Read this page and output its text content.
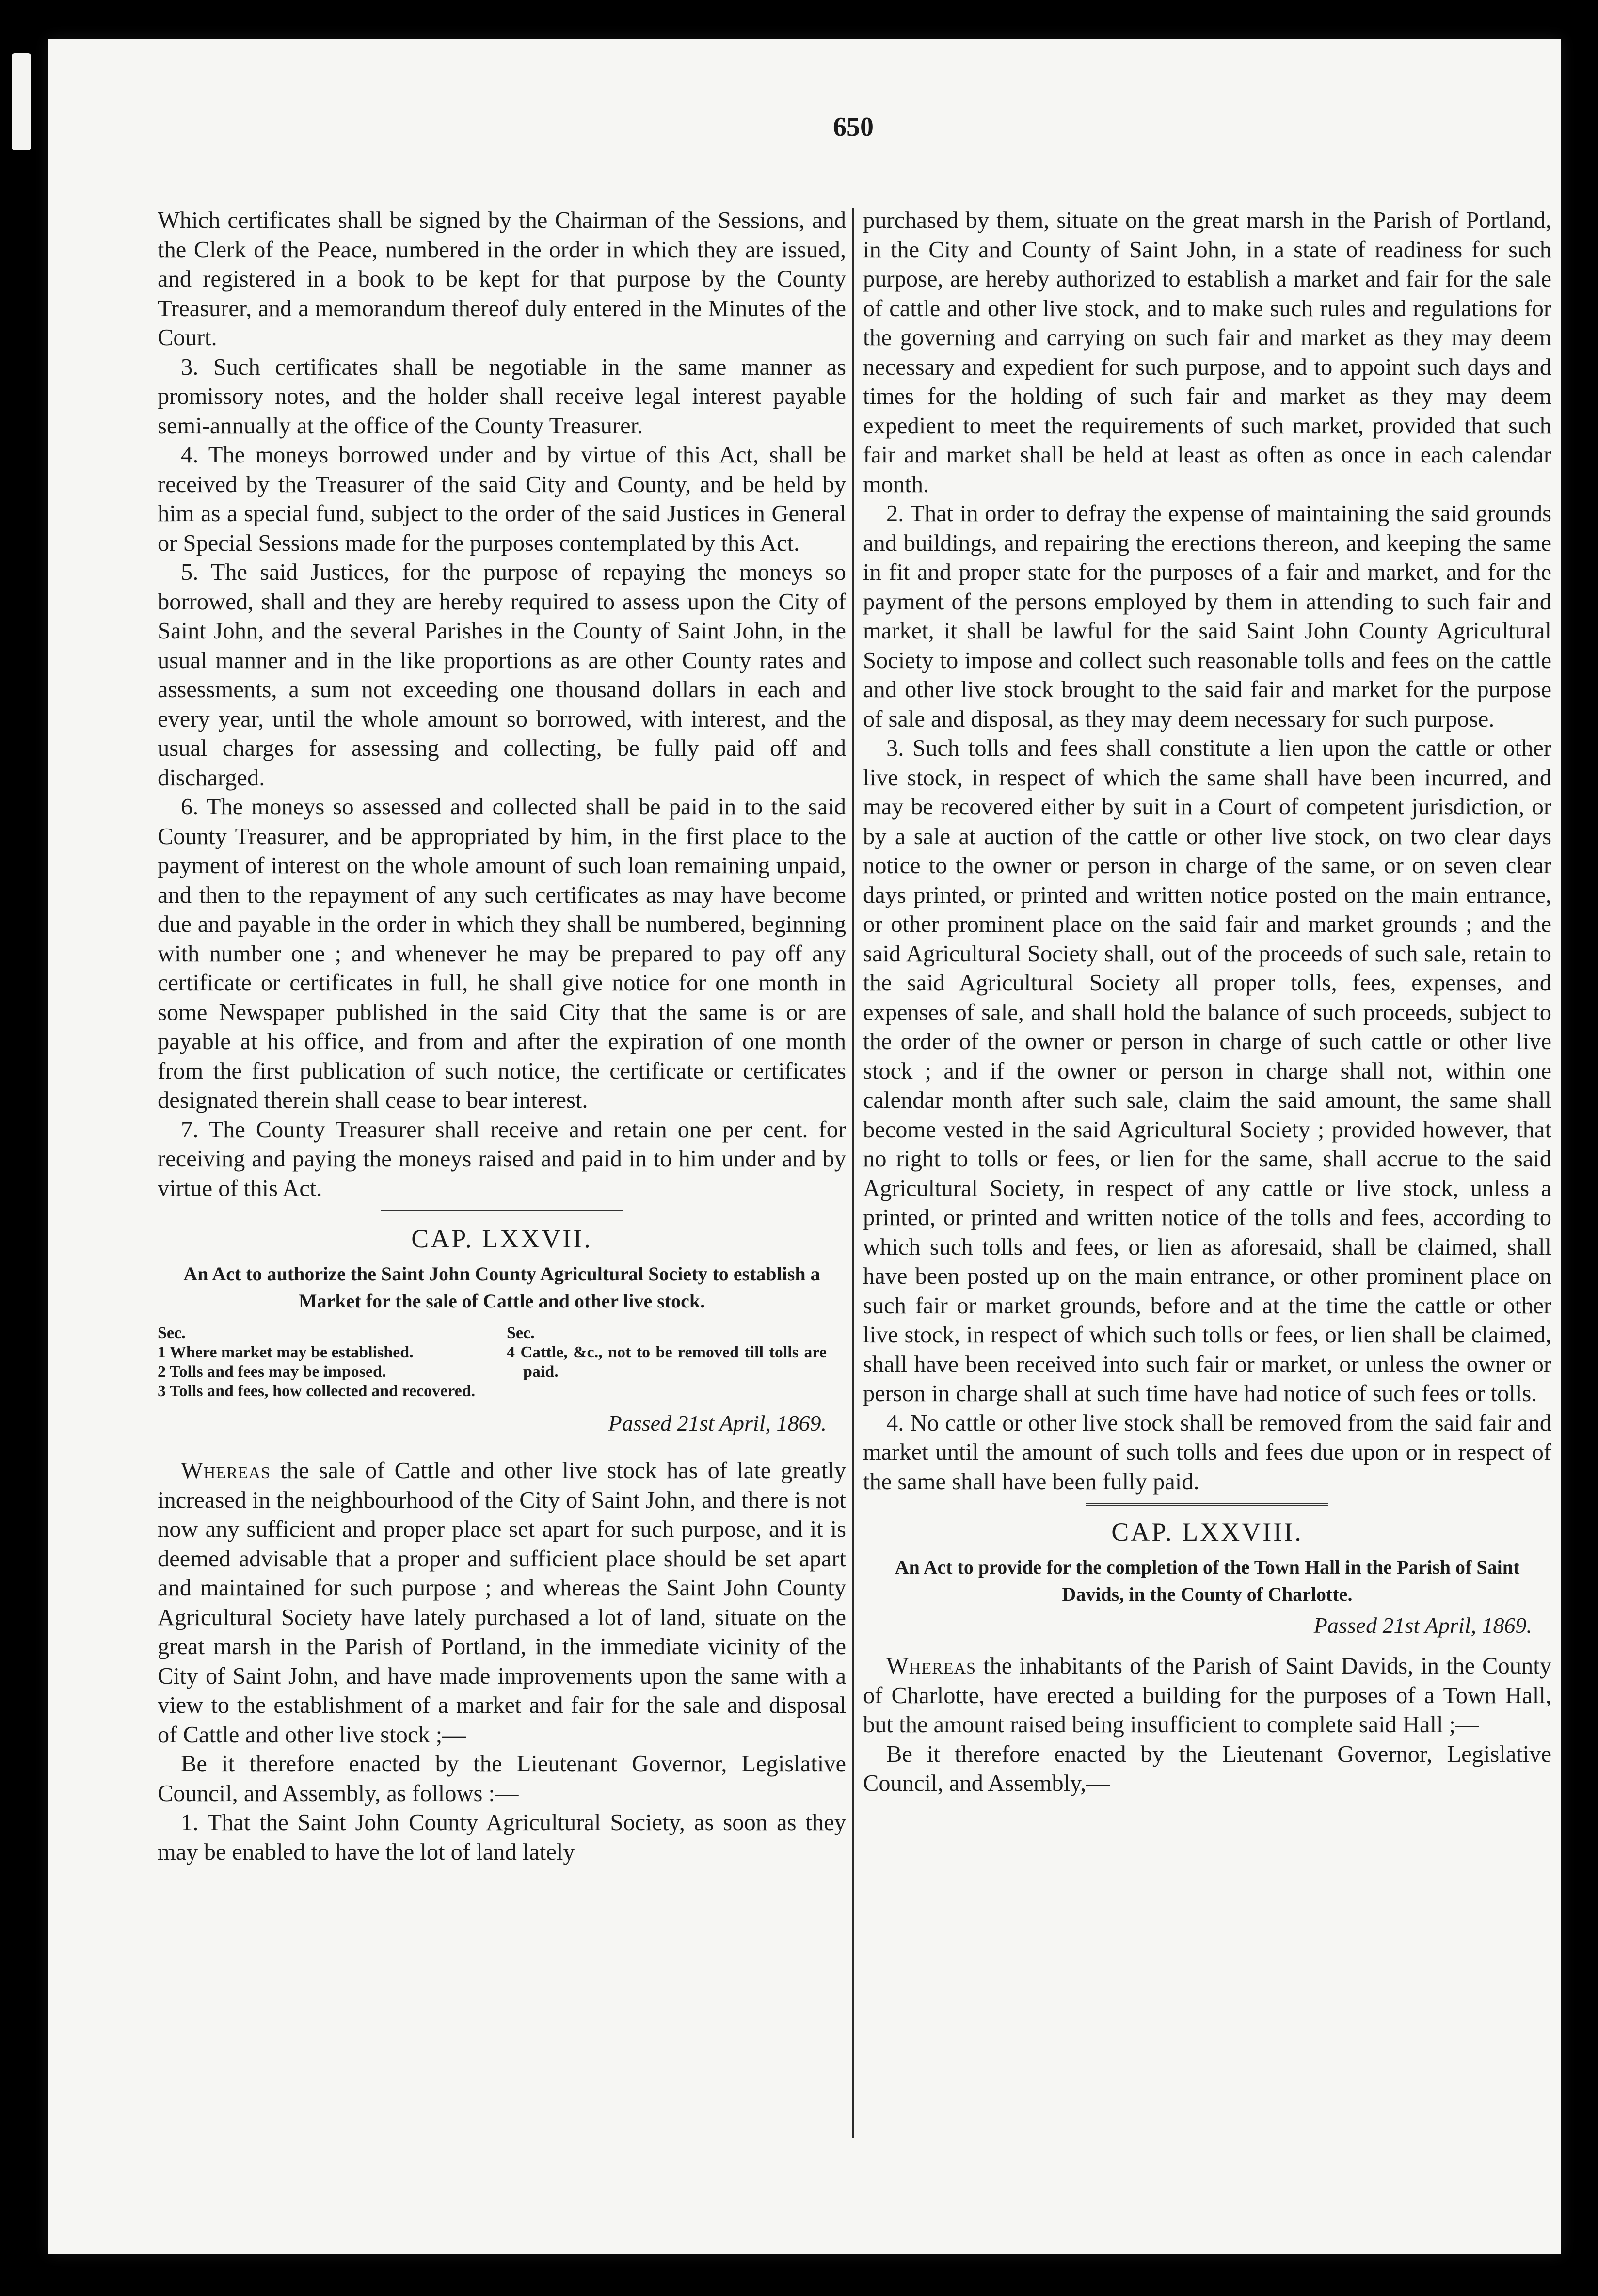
650

Which certificates shall be signed by the Chairman of the Sessions, and the Clerk of the Peace, numbered in the order in which they are issued, and registered in a book to be kept for that purpose by the County Treasurer, and a memorandum thereof duly entered in the Minutes of the Court.

3. Such certificates shall be negotiable in the same manner as promissory notes, and the holder shall receive legal interest payable semi-annually at the office of the County Treasurer.

4. The moneys borrowed under and by virtue of this Act, shall be received by the Treasurer of the said City and County, and be held by him as a special fund, subject to the order of the said Justices in General or Special Sessions made for the purposes contemplated by this Act.

5. The said Justices, for the purpose of repaying the moneys so borrowed, shall and they are hereby required to assess upon the City of Saint John, and the several Parishes in the County of Saint John, in the usual manner and in the like proportions as are other County rates and assessments, a sum not exceeding one thousand dollars in each and every year, until the whole amount so borrowed, with interest, and the usual charges for assessing and collecting, be fully paid off and discharged.

6. The moneys so assessed and collected shall be paid in to the said County Treasurer, and be appropriated by him, in the first place to the payment of interest on the whole amount of such loan remaining unpaid, and then to the repayment of any such certificates as may have become due and payable in the order in which they shall be numbered, beginning with number one ; and whenever he may be prepared to pay off any certificate or certificates in full, he shall give notice for one month in some Newspaper published in the said City that the same is or are payable at his office, and from and after the expiration of one month from the first publication of such notice, the certificate or certificates designated therein shall cease to bear interest.

7. The County Treasurer shall receive and retain one per cent. for receiving and paying the moneys raised and paid in to him under and by virtue of this Act.

CAP. LXXVII.
An Act to authorize the Saint John County Agricultural Society to establish a Market for the sale of Cattle and other live stock.
Sec.
1 Where market may be established.
2 Tolls and fees may be imposed.
3 Tolls and fees, how collected and recovered.
Sec.
4 Cattle, &c., not to be removed till tolls are paid.
Passed 21st April, 1869.

Whereas the sale of Cattle and other live stock has of late greatly increased in the neighbourhood of the City of Saint John, and there is not now any sufficient and proper place set apart for such purpose, and it is deemed advisable that a proper and sufficient place should be set apart and maintained for such purpose ; and whereas the Saint John County Agricultural Society have lately purchased a lot of land, situate on the great marsh in the Parish of Portland, in the immediate vicinity of the City of Saint John, and have made improvements upon the same with a view to the establishment of a market and fair for the sale and disposal of Cattle and other live stock ;—

Be it therefore enacted by the Lieutenant Governor, Legislative Council, and Assembly, as follows :—

1. That the Saint John County Agricultural Society, as soon as they may be enabled to have the lot of land lately

purchased by them, situate on the great marsh in the Parish of Portland, in the City and County of Saint John, in a state of readiness for such purpose, are hereby authorized to establish a market and fair for the sale of cattle and other live stock, and to make such rules and regulations for the governing and carrying on such fair and market as they may deem necessary and expedient for such purpose, and to appoint such days and times for the holding of such fair and market as they may deem expedient to meet the requirements of such market, provided that such fair and market shall be held at least as often as once in each calendar month.

2. That in order to defray the expense of maintaining the said grounds and buildings, and repairing the erections thereon, and keeping the same in fit and proper state for the purposes of a fair and market, and for the payment of the persons employed by them in attending to such fair and market, it shall be lawful for the said Saint John County Agricultural Society to impose and collect such reasonable tolls and fees on the cattle and other live stock brought to the said fair and market for the purpose of sale and disposal, as they may deem necessary for such purpose.

3. Such tolls and fees shall constitute a lien upon the cattle or other live stock, in respect of which the same shall have been incurred, and may be recovered either by suit in a Court of competent jurisdiction, or by a sale at auction of the cattle or other live stock, on two clear days notice to the owner or person in charge of the same, or on seven clear days printed, or printed and written notice posted on the main entrance, or other prominent place on the said fair and market grounds ; and the said Agricultural Society shall, out of the proceeds of such sale, retain to the said Agricultural Society all proper tolls, fees, expenses, and expenses of sale, and shall hold the balance of such proceeds, subject to the order of the owner or person in charge of such cattle or other live stock ; and if the owner or person in charge shall not, within one calendar month after such sale, claim the said amount, the same shall become vested in the said Agricultural Society ; provided however, that no right to tolls or fees, or lien for the same, shall accrue to the said Agricultural Society, in respect of any cattle or live stock, unless a printed, or printed and written notice of the tolls and fees, according to which such tolls and fees, or lien as aforesaid, shall be claimed, shall have been posted up on the main entrance, or other prominent place on such fair or market grounds, before and at the time the cattle or other live stock, in respect of which such tolls or fees, or lien shall be claimed, shall have been received into such fair or market, or unless the owner or person in charge shall at such time have had notice of such fees or tolls.

4. No cattle or other live stock shall be removed from the said fair and market until the amount of such tolls and fees due upon or in respect of the same shall have been fully paid.

CAP. LXXVIII.
An Act to provide for the completion of the Town Hall in the Parish of Saint Davids, in the County of Charlotte.
Passed 21st April, 1869.

Whereas the inhabitants of the Parish of Saint Davids, in the County of Charlotte, have erected a building for the purposes of a Town Hall, but the amount raised being insufficient to complete said Hall ;—

Be it therefore enacted by the Lieutenant Governor, Legislative Council, and Assembly,—
